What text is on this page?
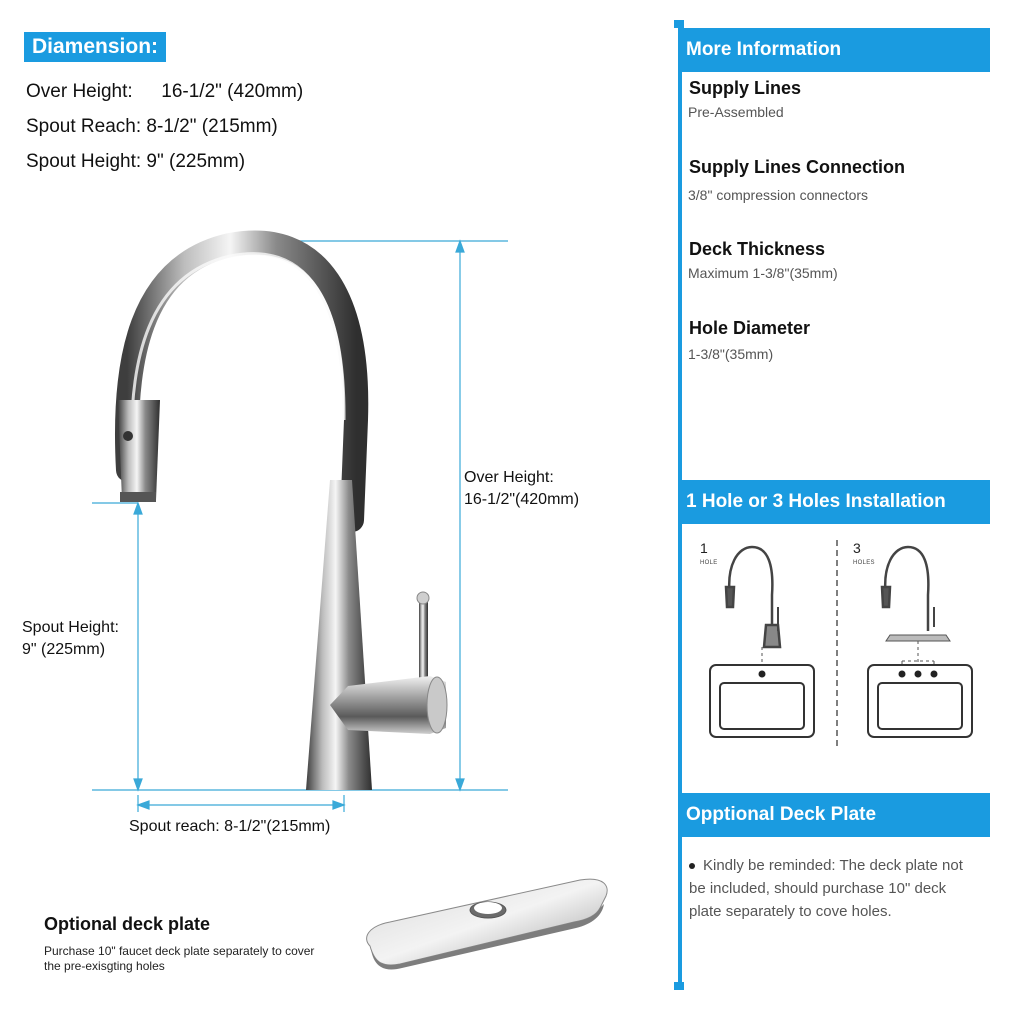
Diamension:
Over Height: 16-1/2" (420mm)
Spout Reach: 8-1/2" (215mm)
Spout Height: 9" (225mm)
Over Height:
16-1/2"(420mm)
Spout Height:
9" (225mm)
Spout reach: 8-1/2"(215mm)
Optional deck plate
Purchase 10" faucet deck plate separately to cover the pre-exisgting holes
More Information
Supply Lines
Pre-Assembled
Supply Lines Connection
3/8" compression connectors
Deck Thickness
Maximum 1-3/8"(35mm)
Hole Diameter
1-3/8"(35mm)
1 Hole or 3 Holes Installation
1
HOLE
3
HOLES
Opptional Deck Plate
Kindly be reminded: The deck plate not be included, should purchase 10" deck plate separately to cove holes.
